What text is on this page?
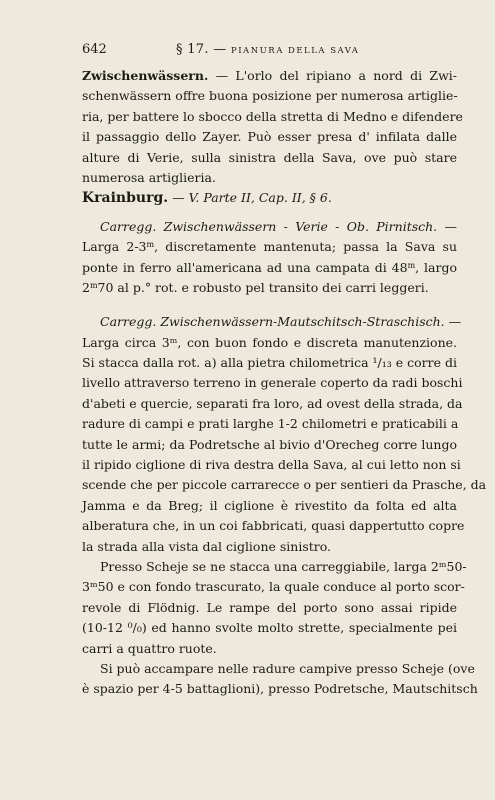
642	§ 17. — PIANURA DELLA SAVA
Zwischenwässern. — L'orlo del ripiano a nord di Zwi-
schenwässern offre buona posizione per numerosa artiglie-
ria, per battere lo sbocco della stretta di Medno e difendere
il passaggio dello Zayer. Può esser presa d' infilata dalle
alture di Verie, sulla sinistra della Sava, ove può stare
numerosa artiglieria.
Krainburg. — V. Parte II, Cap. II, § 6.
Carregg. Zwischenwässern - Verie - Ob. Pirnitsch. —
Larga 2-3$^m$, discretamente mantenuta; passa la Sava su
ponte in ferro all'americana ad una campata di 48$^m$, largo
2$^m$70 al p.° rot. e robusto pel transito dei carri leggeri.
Carregg. Zwischenwässern-Mautschitsch-Straschisch. —
Larga circa 3ᵐ, con buon fondo e discreta manutenzione.
Si stacca dalla rot. a) alla pietra chilometrica ¹/₁₃ e corre di
livello attraverso terreno in generale coperto da radi boschi
d'abeti e quercie, separati fra loro, ad ovest della strada, da
radure di campi e prati larghe 1-2 chilometri e praticabili a
tutte le armi; da Podretsche al bivio d'Orecheg corre lungo
il ripido ciglione di riva destra della Sava, al cui letto non si
scende che per piccole carrarecce o per sentieri da Prasche, da
Jamma e da Breg; il ciglione è rivestito da folta ed alta
alberatura che, in un coi fabbricati, quasi dappertutto copre
la strada alla vista dal ciglione sinistro.
Presso Scheje se ne stacca una carreggiabile, larga 2ᵐ50-
3ᵐ50 e con fondo trascurato, la quale conduce al porto scor-
revole di Flödnig. Le rampe del porto sono assai ripide
(10-12 ⁰/₀) ed hanno svolte molto strette, specialmente pei
carri a quattro ruote.
Si può accampare nelle radure campive presso Scheje (ove
è spazio per 4-5 battaglioni), presso Podretsche, Mautschitsch
